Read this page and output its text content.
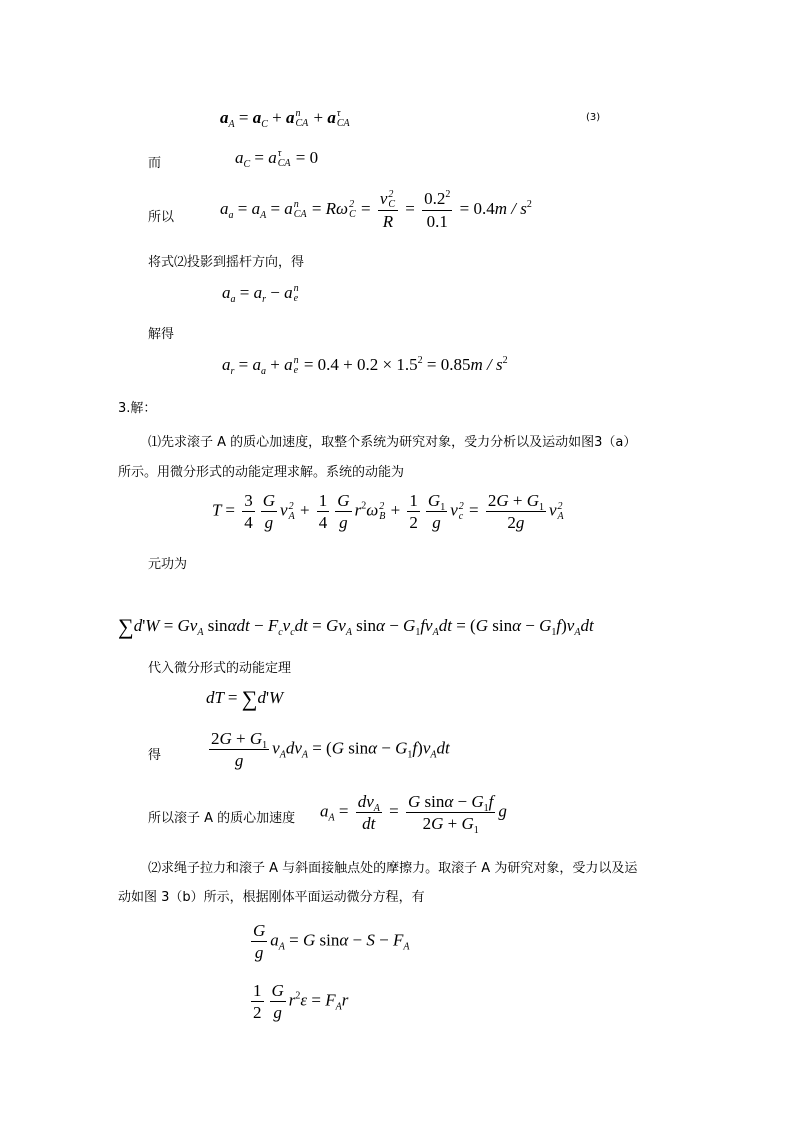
$a_A = a_C + a$ n
CA + a τ
CA
(3)
而	$a_C = a$ τ
CA = 0
所以	$a_a = a_A = a$ n
CA = Rω 2
C = v 2
C
$R = \frac{0.2^2}{0.1} = 0.4m / s^2$
将式⑵投影到摇杆方向，得
$a_a = a_r - a$ n
e
解得
$a_r = a_a + a$ n
$e = 0.4 + 0.2 \times 1.5^2 = 0.85m / s^2$
3.解：
⑴先求滚子 A 的质心加速度，取整个系统为研究对象，受力分析以及运动如图3（a）
所示。用微分形式的动能定理求解。系统的动能为
$T = \frac{3}{4} \frac{G}{g}$ v 2
$A + \frac{1}{4} \frac{G}{g} r^2\omega$ 2
$B + \frac{1}{2} \frac{G_1}{g}$ v 2
$c = \frac{2G + G_1}{2g}$ v 2
A
元功为
$\sum d'W = Gv_A$ $\sin\alpha dt - F_cv_cdt = Gv_A$ $\sin\alpha - G_1fv_Adt = (G$ $\sin\alpha - G_1f)v_Adt$
代入微分形式的动能定理
dT = ∑d'W
得	$\frac{2G + G_1}{g} v_Adv_A = (G$ $\sin\alpha - G_1f)v_Adt$
所以滚子 A 的质心加速度 $a_A = \frac{dv_A}{dt} = \frac{G \sin\alpha - G_1f}{2G + G_1}$ g
⑵求绳子拉力和滚子 A 与斜面接触点处的摩擦力。取滚子 A 为研究对象，受力以及运
动如图 3（b）所示，根据刚体平面运动微分方程，有
$\frac{G}{g} a_A = G$ $\sin\alpha - S - F_A$
$\frac{1}{2} \frac{G}{g} r^2\varepsilon = F_Ar$
